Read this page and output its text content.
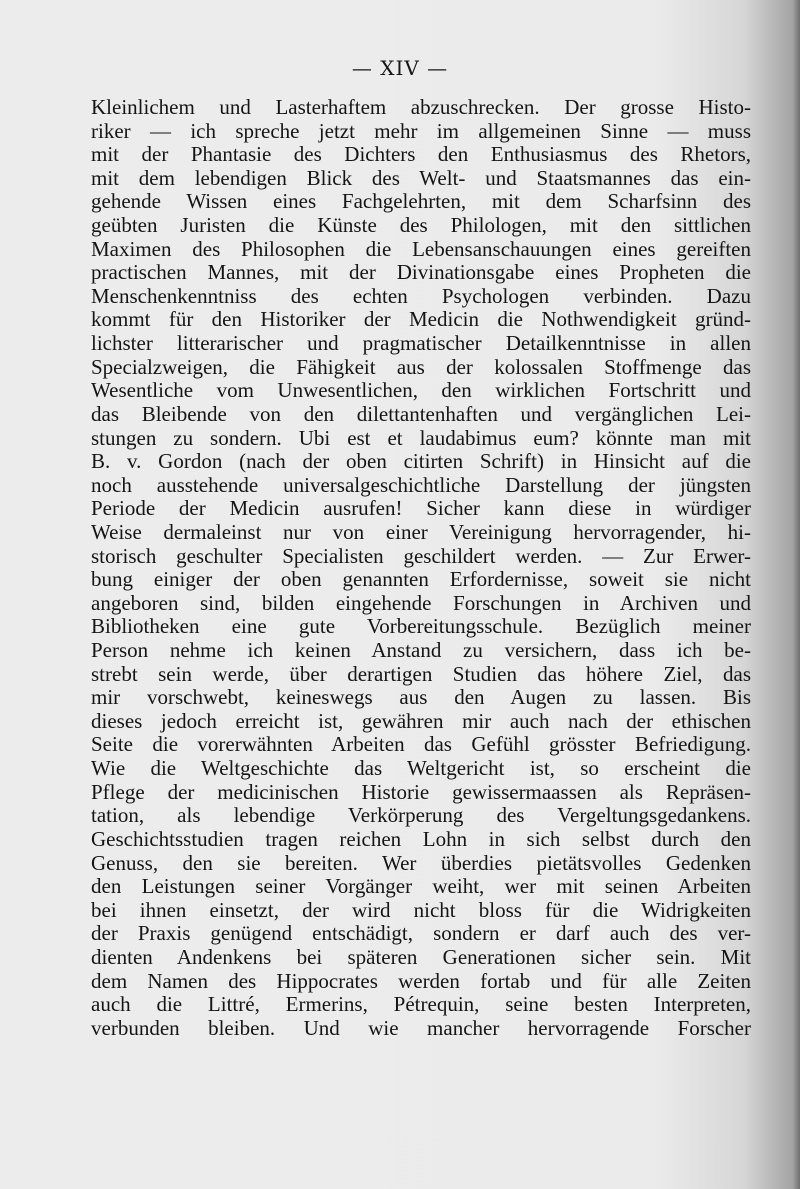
— XIV —
Kleinlichem und Lasterhaftem abzuschrecken. Der grosse Histo-
riker — ich spreche jetzt mehr im allgemeinen Sinne — muss
mit der Phantasie des Dichters den Enthusiasmus des Rhetors,
mit dem lebendigen Blick des Welt- und Staatsmannes das ein-
gehende Wissen eines Fachgelehrten, mit dem Scharfsinn des
geübten Juristen die Künste des Philologen, mit den sittlichen
Maximen des Philosophen die Lebensanschauungen eines gereiften
practischen Mannes, mit der Divinationsgabe eines Propheten die
Menschenkenntniss des echten Psychologen verbinden. Dazu
kommt für den Historiker der Medicin die Nothwendigkeit gründ-
lichster litterarischer und pragmatischer Detailkenntnisse in allen
Specialzweigen, die Fähigkeit aus der kolossalen Stoffmenge das
Wesentliche vom Unwesentlichen, den wirklichen Fortschritt und
das Bleibende von den dilettantenhaften und vergänglichen Lei-
stungen zu sondern. Ubi est et laudabimus eum? könnte man mit
B. v. Gordon (nach der oben citirten Schrift) in Hinsicht auf die
noch ausstehende universalgeschichtliche Darstellung der jüngsten
Periode der Medicin ausrufen! Sicher kann diese in würdiger
Weise dermaleinst nur von einer Vereinigung hervorragender, hi-
storisch geschulter Specialisten geschildert werden. — Zur Erwer-
bung einiger der oben genannten Erfordernisse, soweit sie nicht
angeboren sind, bilden eingehende Forschungen in Archiven und
Bibliotheken eine gute Vorbereitungsschule. Bezüglich meiner
Person nehme ich keinen Anstand zu versichern, dass ich be-
strebt sein werde, über derartigen Studien das höhere Ziel, das
mir vorschwebt, keineswegs aus den Augen zu lassen. Bis
dieses jedoch erreicht ist, gewähren mir auch nach der ethischen
Seite die vorerwähnten Arbeiten das Gefühl grösster Befriedigung.
Wie die Weltgeschichte das Weltgericht ist, so erscheint die
Pflege der medicinischen Historie gewissermaassen als Repräsen-
tation, als lebendige Verkörperung des Vergeltungsgedankens.
Geschichtsstudien tragen reichen Lohn in sich selbst durch den
Genuss, den sie bereiten. Wer überdies pietätsvolles Gedenken
den Leistungen seiner Vorgänger weiht, wer mit seinen Arbeiten
bei ihnen einsetzt, der wird nicht bloss für die Widrigkeiten
der Praxis genügend entschädigt, sondern er darf auch des ver-
dienten Andenkens bei späteren Generationen sicher sein. Mit
dem Namen des Hippocrates werden fortab und für alle Zeiten
auch die Littré, Ermerins, Pétrequin, seine besten Interpreten,
verbunden bleiben. Und wie mancher hervorragende Forscher
